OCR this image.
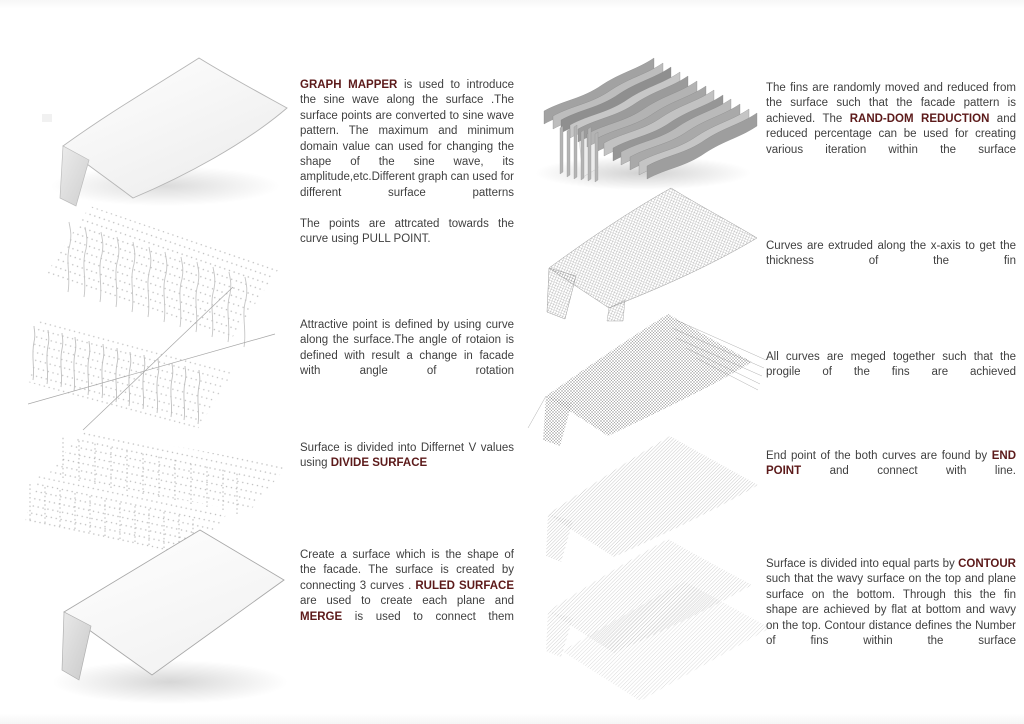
GRAPH MAPPER is used to introduce the sine wave along the surface .The surface points are converted to sine wave pattern. The maximum and minimum domain value can used for changing the shape of the sine wave, its amplitude,etc.Different graph can used for different surface patterns
The points are attrcated towards the curve using PULL POINT.
Attractive point is defined by using curve along the surface.The angle of rotaion is defined with result a change in facade with angle of rotation
Surface is divided into Differnet V values using DIVIDE SURFACE
Create a surface which is the shape of the facade. The surface is created by connecting 3 curves . RULED SURFACE are used to create each plane and MERGE is used to connect them
The fins are randomly moved and reduced from the surface such that the facade pattern is achieved. The RAND-DOM REDUCTION and reduced percentage can be used for creating various iteration within the surface
Curves are extruded along the x-axis to get the thickness of the fin
All curves are meged together such that the progile of the fins are achieved
End point of the both curves are found by END POINT and connect with line.
Surface is divided into equal parts by CONTOUR such that the wavy surface on the top and plane surface on the bottom. Through this the fin shape are achieved by flat at bottom and wavy on the top. Contour distance defines the Number of fins within the surface
